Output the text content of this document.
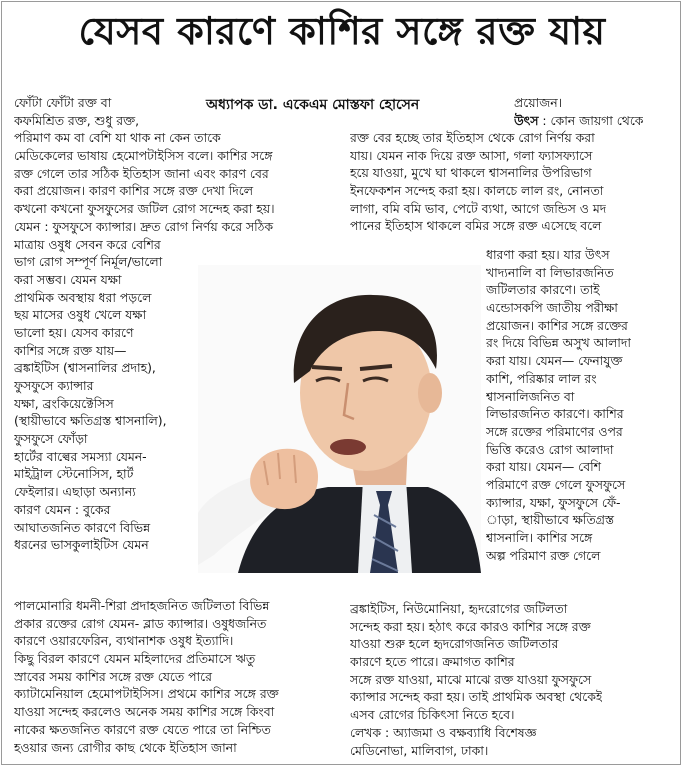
যেসব কারণে কাশির সঙ্গে রক্ত যায়
অধ্যাপক ডা. একেএম মোস্তফা হোসেন
ফোঁটা ফোঁটা রক্ত বা
কফমিশ্রিত রক্ত, শুধু রক্ত,
পরিমাণ কম বা বেশি যা থাক না কেন তাকে
মেডিকেলের ভাষায় হেমোপটাইসিস বলে। কাশির সঙ্গে
রক্ত গেলে তার সঠিক ইতিহাস জানা এবং কারণ বের
করা প্রয়োজন। কারণ কাশির সঙ্গে রক্ত দেখা দিলে
কখনো কখনো ফুসফুসের জটিল রোগ সন্দেহ করা হয়।
যেমন : ফুসফুসে ক্যান্সার। দ্রুত রোগ নির্ণয় করে সঠিক
মাত্রায় ওষুধ সেবন করে বেশির
ভাগ রোগ সম্পূর্ণ নির্মূল/ভালো
করা সম্ভব। যেমন যক্ষা
প্রাথমিক অবস্থায় ধরা পড়লে
ছয় মাসের ওষুধ খেলে যক্ষা
ভালো হয়। যেসব কারণে
কাশির সঙ্গে রক্ত যায়—
ব্রঙ্কাইটিস (শ্বাসনালির প্রদাহ),
ফুসফুসে ক্যান্সার
যক্ষা, ব্রংকিয়েক্টেসিস
(স্থায়ীভাবে ক্ষতিগ্রস্ত শ্বাসনালি),
ফুসফুসে ফোঁড়া
হার্টের বাল্বের সমস্যা যেমন-
মাইট্রাল স্টেনোসিস, হার্ট
ফেইলার। এছাড়া অন্যান্য
কারণ যেমন : বুকের
আঘাতজনিত কারণে বিভিন্ন
ধরনের ভাসকুলাইটিস যেমন
পালমোনারি ধমনী-শিরা প্রদাহজনিত জটিলতা বিভিন্ন
প্রকার রক্তের রোগ যেমন- ব্লাড ক্যান্সার। ওষুধজনিত
কারণে ওয়ারফেরিন, ব্যথানাশক ওষুধ ইত্যাদি।
কিছু বিরল কারণে যেমন মহিলাদের প্রতিমাসে ঋতু
স্রাবের সময় কাশির সঙ্গে রক্ত যেতে পারে
ক্যাটামেনিয়াল হেমোপটাইসিস। প্রথমে কাশির সঙ্গে রক্ত
যাওয়া সন্দেহ করলেও অনেক সময় কাশির সঙ্গে কিংবা
নাকের ক্ষতজনিত কারণে রক্ত যেতে পারে তা নিশ্চিত
হওয়ার জন্য রোগীর কাছ থেকে ইতিহাস জানা
প্রয়োজন।
উৎস : কোন জায়গা থেকে
রক্ত বের হচ্ছে তার ইতিহাস থেকে রোগ নির্ণয় করা
যায়। যেমন নাক দিয়ে রক্ত আসা, গলা ফ্যাসফ্যাসে
হয়ে যাওয়া, মুখে ঘা থাকলে শ্বাসনালির উপরিভাগ
ইনফেকশন সন্দেহ করা হয়। কালচে লাল রং, নোনতা
লাগা, বমি বমি ভাব, পেটে ব্যথা, আগে জন্ডিস ও মদ
পানের ইতিহাস থাকলে বমির সঙ্গে রক্ত এসেছে বলে
ধারণা করা হয়। যার উৎস
খাদ্যনালি বা লিভারজনিত
জটিলতার কারণে। তাই
এন্ডোসকপি জাতীয় পরীক্ষা
প্রয়োজন। কাশির সঙ্গে রক্তের
রং দিয়ে বিভিন্ন অসুখ আলাদা
করা যায়। যেমন— ফেনাযুক্ত
কাশি, পরিষ্কার লাল রং
শ্বাসনালিজনিত বা
লিভারজনিত কারণে। কাশির
সঙ্গে রক্তের পরিমাণের ওপর
ভিত্তি করেও রোগ আলাদা
করা যায়। যেমন— বেশি
পরিমাণে রক্ত গেলে ফুসফুসে
ক্যান্সার, যক্ষা, ফুসফুসে ফেঁ-
াড়া, স্থায়ীভাবে ক্ষতিগ্রস্ত
শ্বাসনালি। কাশির সঙ্গে
অল্প পরিমাণ রক্ত গেলে
ব্রঙ্কাইটিস, নিউমোনিয়া, হৃদরোগের জটিলতা
সন্দেহ করা হয়। হঠাৎ করে কারও কাশির সঙ্গে রক্ত
যাওয়া শুরু হলে হৃদরোগজনিত জটিলতার
কারণে হতে পারে। ক্রমাগত কাশির
সঙ্গে রক্ত যাওয়া, মাঝে মাঝে রক্ত যাওয়া ফুসফুসে
ক্যান্সার সন্দেহ করা হয়। তাই প্রাথমিক অবস্থা থেকেই
এসব রোগের চিকিৎসা নিতে হবে।
লেখক : অ্যাজমা ও বক্ষব্যাধি বিশেষজ্ঞ
মেডিনোভা, মালিবাগ, ঢাকা।
